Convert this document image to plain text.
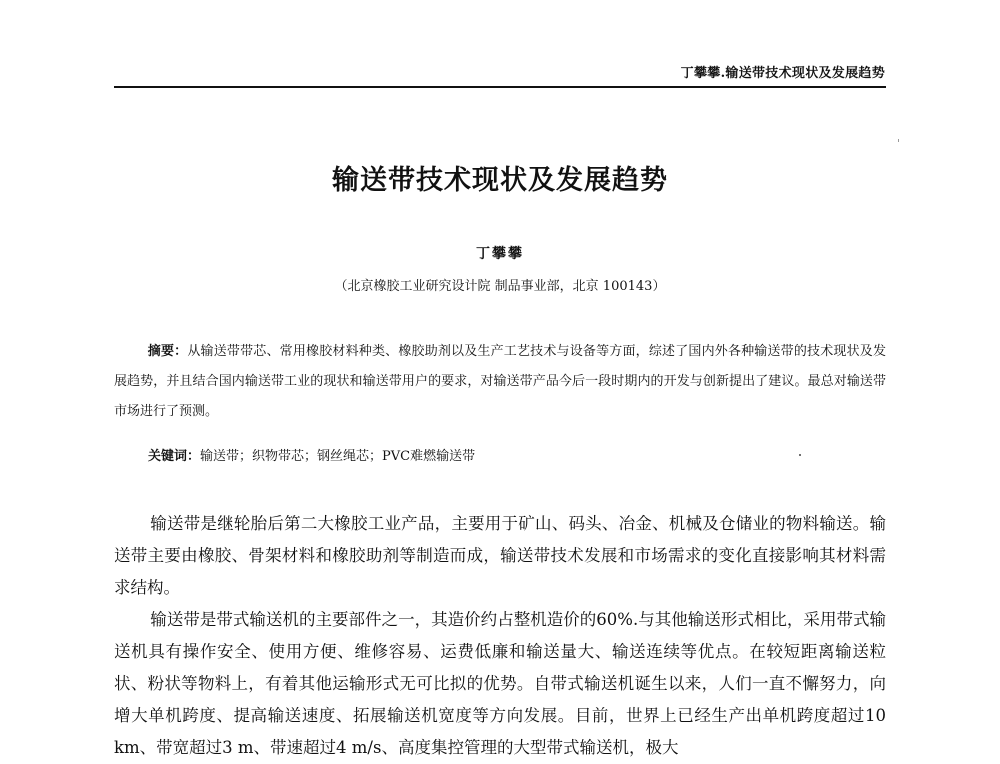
丁攀攀.输送带技术现状及发展趋势
输送带技术现状及发展趋势
丁攀攀
（北京橡胶工业研究设计院 制品事业部，北京 100143）
摘要：从输送带带芯、常用橡胶材料种类、橡胶助剂以及生产工艺技术与设备等方面，综述了国内外各种输送带的技术现状及发展趋势，并且结合国内输送带工业的现状和输送带用户的要求，对输送带产品今后一段时期内的开发与创新提出了建议。最总对输送带市场进行了预测。
关键词：输送带；织物带芯；钢丝绳芯；PVC难燃输送带

输送带是继轮胎后第二大橡胶工业产品，主要用于矿山、码头、冶金、机械及仓储业的物料输送。输送带主要由橡胶、骨架材料和橡胶助剂等制造而成，输送带技术发展和市场需求的变化直接影响其材料需求结构。

输送带是带式输送机的主要部件之一，其造价约占整机造价的60%.与其他输送形式相比，采用带式输送机具有操作安全、使用方便、维修容易、运费低廉和输送量大、输送连续等优点。在较短距离输送粒状、粉状等物料上，有着其他运输形式无可比拟的优势。自带式输送机诞生以来，人们一直不懈努力，向增大单机跨度、提高输送速度、拓展输送机宽度等方向发展。目前，世界上已经生产出单机跨度超过10 km、带宽超过3 m、带速超过4 m/s、高度集控管理的大型带式输送机，极大
